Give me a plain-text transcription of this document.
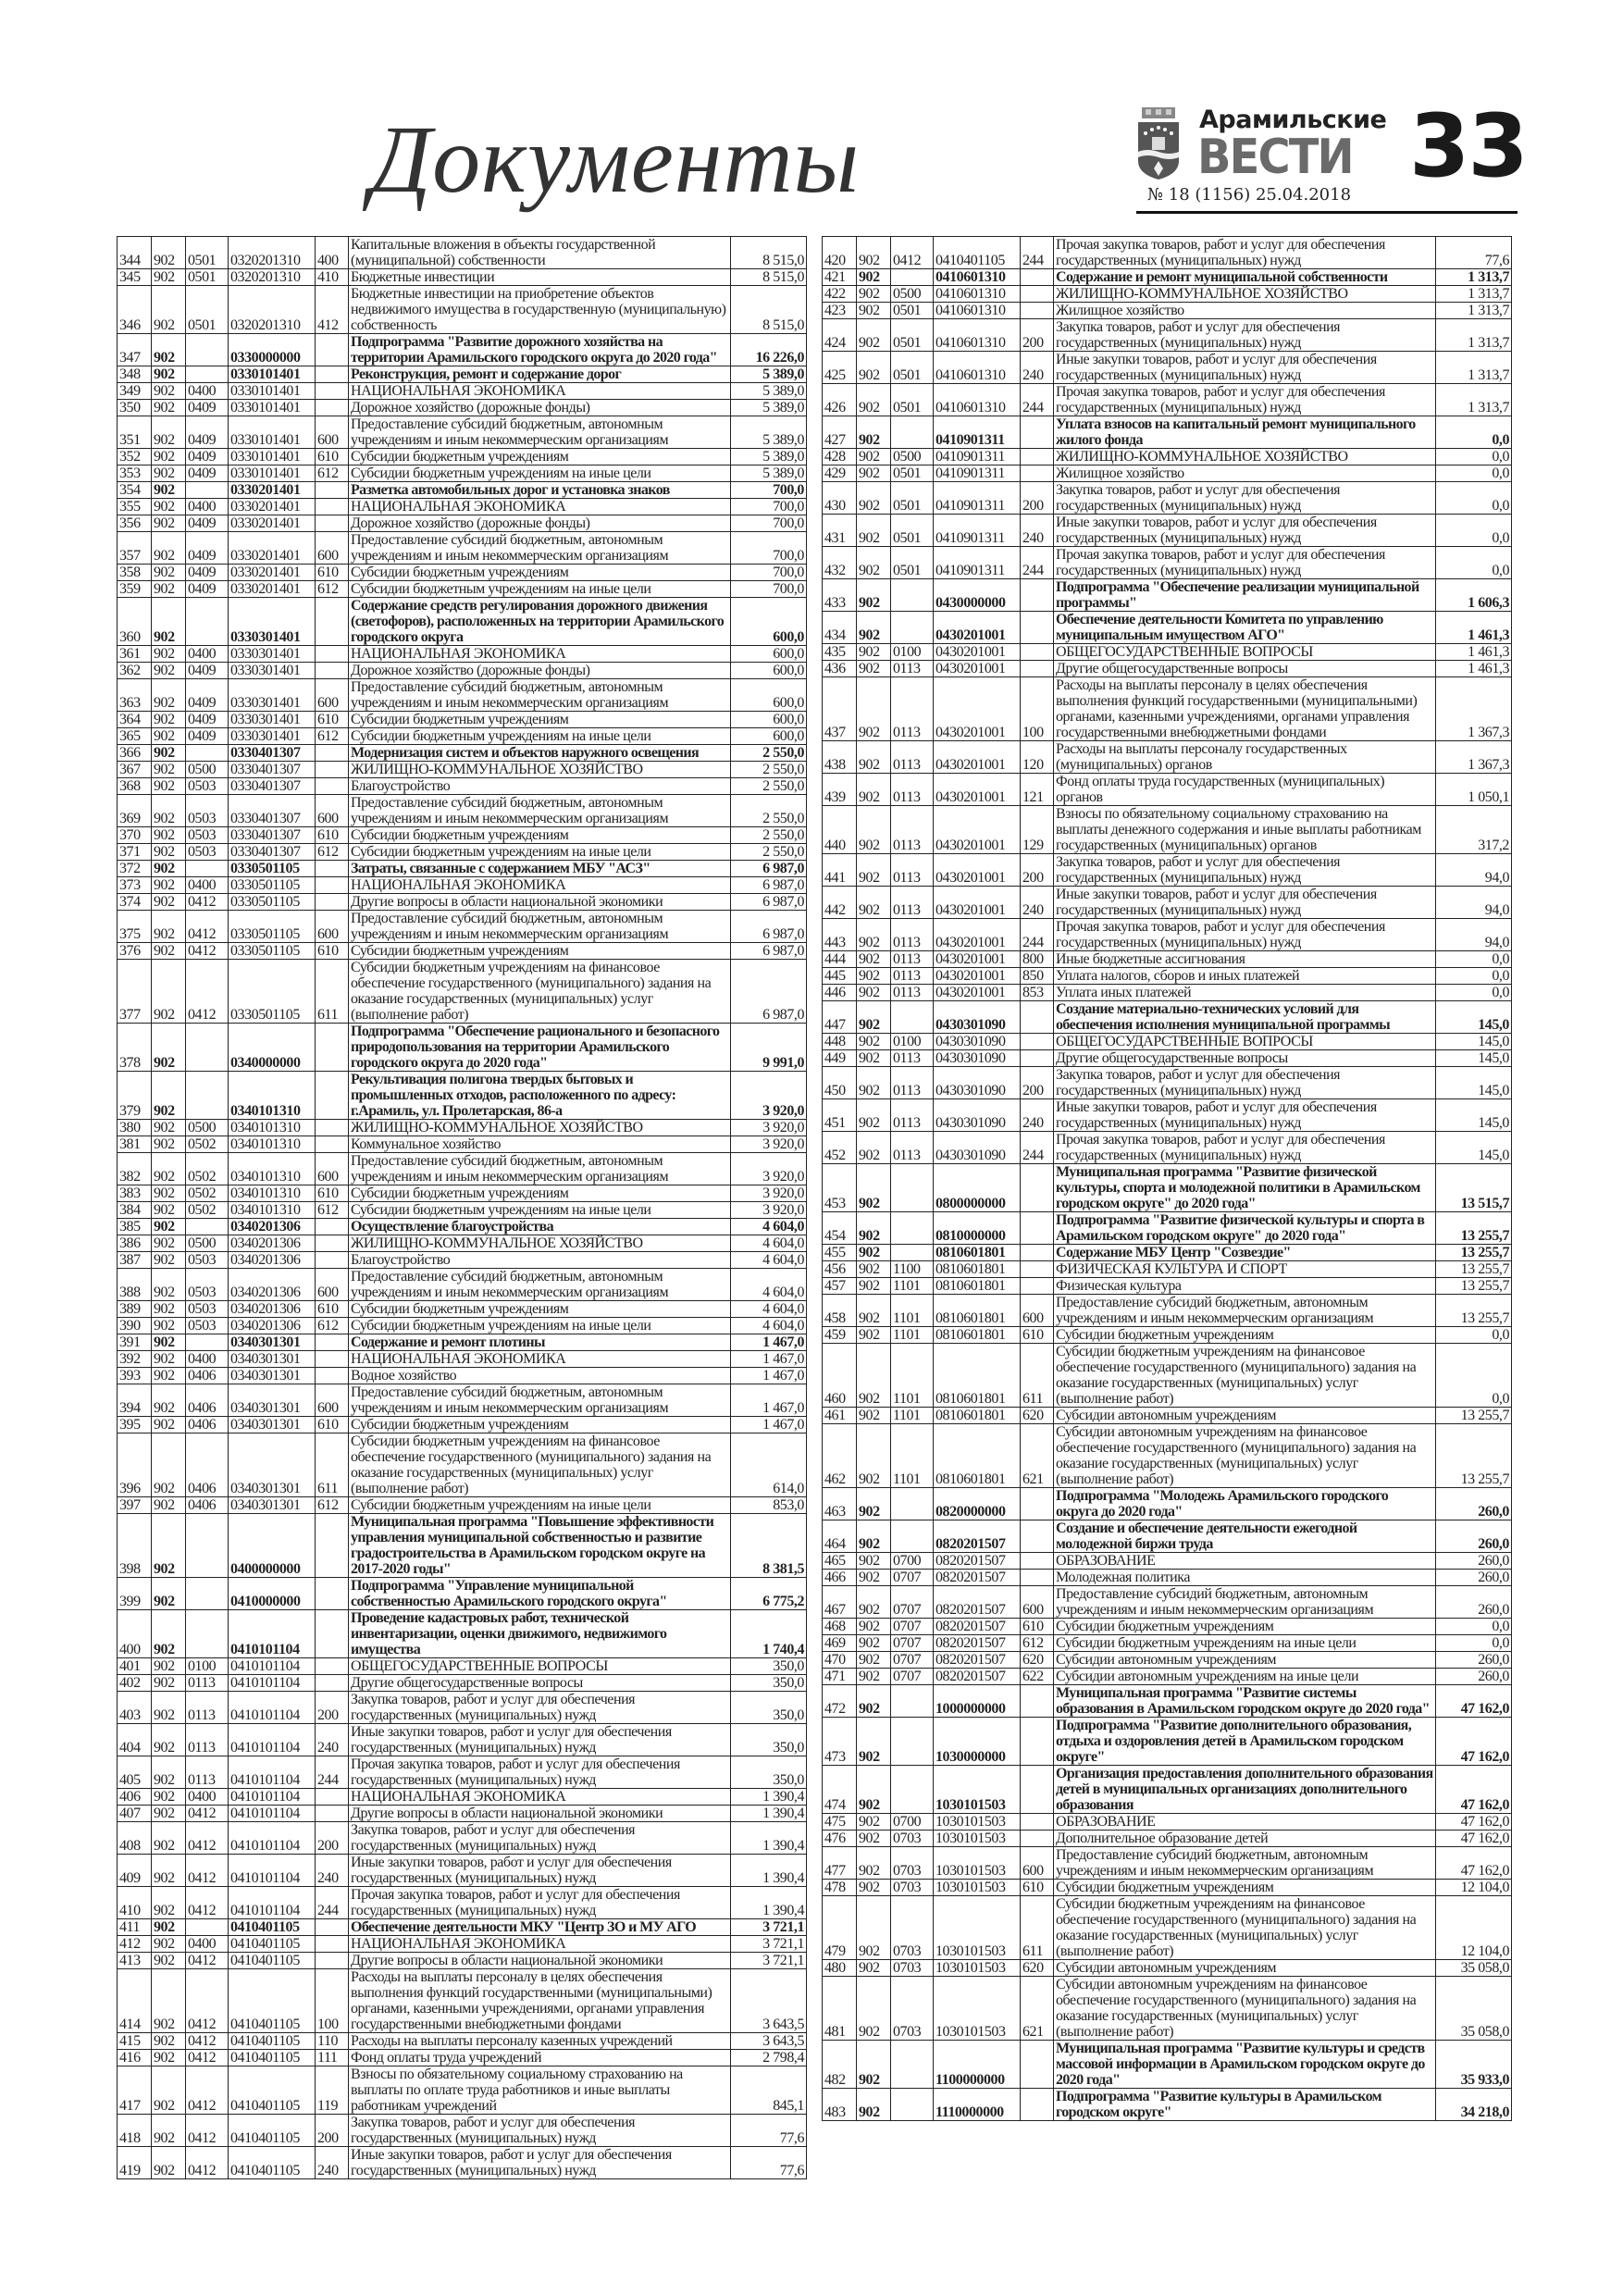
Документы	Арамильские
ВЕСТИ 33
№ 18 (1156) 25.04.2018
344	902	0501	0320201310	400	Капитальные вложения в объекты государственной (муниципальной) собственности	8 515,0
345	902	0501	0320201310	410	Бюджетные инвестиции	8 515,0
346	902	0501	0320201310	412	Бюджетные инвестиции на приобретение объектов недвижимого имущества в государственную (муниципальную) собственность	8 515,0
347	902		0330000000		Подпрограмма "Развитие дорожного хозяйства на территории Арамильского городского округа до 2020 года"	16 226,0
348	902		0330101401		Реконструкция, ремонт и содержание дорог	5 389,0
349	902	0400	0330101401		НАЦИОНАЛЬНАЯ ЭКОНОМИКА	5 389,0
350	902	0409	0330101401		Дорожное хозяйство (дорожные фонды)	5 389,0
351	902	0409	0330101401	600	Предоставление субсидий бюджетным, автономным учреждениям и иным некоммерческим организациям	5 389,0
352	902	0409	0330101401	610	Субсидии бюджетным учреждениям	5 389,0
353	902	0409	0330101401	612	Субсидии бюджетным учреждениям на иные цели	5 389,0
354	902		0330201401		Разметка автомобильных дорог и установка знаков	700,0
355	902	0400	0330201401		НАЦИОНАЛЬНАЯ ЭКОНОМИКА	700,0
356	902	0409	0330201401		Дорожное хозяйство (дорожные фонды)	700,0
357	902	0409	0330201401	600	Предоставление субсидий бюджетным, автономным учреждениям и иным некоммерческим организациям	700,0
358	902	0409	0330201401	610	Субсидии бюджетным учреждениям	700,0
359	902	0409	0330201401	612	Субсидии бюджетным учреждениям на иные цели	700,0
360	902		0330301401		Содержание средств регулирования дорожного движения (светофоров), расположенных на территории Арамильского городского округа	600,0
361	902	0400	0330301401		НАЦИОНАЛЬНАЯ ЭКОНОМИКА	600,0
362	902	0409	0330301401		Дорожное хозяйство (дорожные фонды)	600,0
363	902	0409	0330301401	600	Предоставление субсидий бюджетным, автономным учреждениям и иным некоммерческим организациям	600,0
364	902	0409	0330301401	610	Субсидии бюджетным учреждениям	600,0
365	902	0409	0330301401	612	Субсидии бюджетным учреждениям на иные цели	600,0
366	902		0330401307		Модернизация систем и объектов наружного освещения	2 550,0
367	902	0500	0330401307		ЖИЛИЩНО-КОММУНАЛЬНОЕ ХОЗЯЙСТВО	2 550,0
368	902	0503	0330401307		Благоустройство	2 550,0
369	902	0503	0330401307	600	Предоставление субсидий бюджетным, автономным учреждениям и иным некоммерческим организациям	2 550,0
370	902	0503	0330401307	610	Субсидии бюджетным учреждениям	2 550,0
371	902	0503	0330401307	612	Субсидии бюджетным учреждениям на иные цели	2 550,0
372	902		0330501105		Затраты, связанные с содержанием МБУ "АСЗ"	6 987,0
373	902	0400	0330501105		НАЦИОНАЛЬНАЯ ЭКОНОМИКА	6 987,0
374	902	0412	0330501105		Другие вопросы в области национальной экономики	6 987,0
375	902	0412	0330501105	600	Предоставление субсидий бюджетным, автономным учреждениям и иным некоммерческим организациям	6 987,0
376	902	0412	0330501105	610	Субсидии бюджетным учреждениям	6 987,0
377	902	0412	0330501105	611	Субсидии бюджетным учреждениям на финансовое обеспечение государственного (муниципального) задания на оказание государственных (муниципальных) услуг (выполнение работ)	6 987,0
378	902		0340000000		Подпрограмма "Обеспечение рационального и безопасного природопользования на территории Арамильского городского округа до 2020 года"	9 991,0
379	902		0340101310		Рекультивация полигона твердых бытовых и промышленных отходов, расположенного по адресу: г.Арамиль, ул. Пролетарская, 86-а	3 920,0
380	902	0500	0340101310		ЖИЛИЩНО-КОММУНАЛЬНОЕ ХОЗЯЙСТВО	3 920,0
381	902	0502	0340101310		Коммунальное хозяйство	3 920,0
382	902	0502	0340101310	600	Предоставление субсидий бюджетным, автономным учреждениям и иным некоммерческим организациям	3 920,0
383	902	0502	0340101310	610	Субсидии бюджетным учреждениям	3 920,0
384	902	0502	0340101310	612	Субсидии бюджетным учреждениям на иные цели	3 920,0
385	902		0340201306		Осуществление благоустройства	4 604,0
386	902	0500	0340201306		ЖИЛИЩНО-КОММУНАЛЬНОЕ ХОЗЯЙСТВО	4 604,0
387	902	0503	0340201306		Благоустройство	4 604,0
388	902	0503	0340201306	600	Предоставление субсидий бюджетным, автономным учреждениям и иным некоммерческим организациям	4 604,0
389	902	0503	0340201306	610	Субсидии бюджетным учреждениям	4 604,0
390	902	0503	0340201306	612	Субсидии бюджетным учреждениям на иные цели	4 604,0
391	902		0340301301		Содержание и ремонт плотины	1 467,0
392	902	0400	0340301301		НАЦИОНАЛЬНАЯ ЭКОНОМИКА	1 467,0
393	902	0406	0340301301		Водное хозяйство	1 467,0
394	902	0406	0340301301	600	Предоставление субсидий бюджетным, автономным учреждениям и иным некоммерческим организациям	1 467,0
395	902	0406	0340301301	610	Субсидии бюджетным учреждениям	1 467,0
396	902	0406	0340301301	611	Субсидии бюджетным учреждениям на финансовое обеспечение государственного (муниципального) задания на оказание государственных (муниципальных) услуг (выполнение работ)	614,0
397	902	0406	0340301301	612	Субсидии бюджетным учреждениям на иные цели	853,0
398	902		0400000000		Муниципальная программа "Повышение эффективности управления муниципальной собственностью и развитие градостроительства в Арамильском городском округе на 2017-2020 годы"	8 381,5
399	902		0410000000		Подпрограмма "Управление муниципальной собственностью Арамильского городского округа"	6 775,2
400	902		0410101104		Проведение кадастровых работ, технической инвентаризации, оценки движимого, недвижимого имущества	1 740,4
401	902	0100	0410101104		ОБЩЕГОСУДАРСТВЕННЫЕ ВОПРОСЫ	350,0
402	902	0113	0410101104		Другие общегосударственные вопросы	350,0
403	902	0113	0410101104	200	Закупка товаров, работ и услуг для обеспечения государственных (муниципальных) нужд	350,0
404	902	0113	0410101104	240	Иные закупки товаров, работ и услуг для обеспечения государственных (муниципальных) нужд	350,0
405	902	0113	0410101104	244	Прочая закупка товаров, работ и услуг для обеспечения государственных (муниципальных) нужд	350,0
406	902	0400	0410101104		НАЦИОНАЛЬНАЯ ЭКОНОМИКА	1 390,4
407	902	0412	0410101104		Другие вопросы в области национальной экономики	1 390,4
408	902	0412	0410101104	200	Закупка товаров, работ и услуг для обеспечения государственных (муниципальных) нужд	1 390,4
409	902	0412	0410101104	240	Иные закупки товаров, работ и услуг для обеспечения государственных (муниципальных) нужд	1 390,4
410	902	0412	0410101104	244	Прочая закупка товаров, работ и услуг для обеспечения государственных (муниципальных) нужд	1 390,4
411	902		0410401105		Обеспечение деятельности МКУ "Центр ЗО и МУ АГО	3 721,1
412	902	0400	0410401105		НАЦИОНАЛЬНАЯ ЭКОНОМИКА	3 721,1
413	902	0412	0410401105		Другие вопросы в области национальной экономики	3 721,1
414	902	0412	0410401105	100	Расходы на выплаты персоналу в целях обеспечения выполнения функций государственными (муниципальными) органами, казенными учреждениями, органами управления государственными внебюджетными фондами	3 643,5
415	902	0412	0410401105	110	Расходы на выплаты персоналу казенных учреждений	3 643,5
416	902	0412	0410401105	111	Фонд оплаты труда учреждений	2 798,4
417	902	0412	0410401105	119	Взносы по обязательному социальному страхованию на выплаты по оплате труда работников и иные выплаты работникам учреждений	845,1
418	902	0412	0410401105	200	Закупка товаров, работ и услуг для обеспечения государственных (муниципальных) нужд	77,6
419	902	0412	0410401105	240	Иные закупки товаров, работ и услуг для обеспечения государственных (муниципальных) нужд	77,6
420	902	0412	0410401105	244	Прочая закупка товаров, работ и услуг для обеспечения государственных (муниципальных) нужд	77,6
421	902		0410601310		Содержание и ремонт муниципальной собственности	1 313,7
422	902	0500	0410601310		ЖИЛИЩНО-КОММУНАЛЬНОЕ ХОЗЯЙСТВО	1 313,7
423	902	0501	0410601310		Жилищное хозяйство	1 313,7
424	902	0501	0410601310	200	Закупка товаров, работ и услуг для обеспечения государственных (муниципальных) нужд	1 313,7
425	902	0501	0410601310	240	Иные закупки товаров, работ и услуг для обеспечения государственных (муниципальных) нужд	1 313,7
426	902	0501	0410601310	244	Прочая закупка товаров, работ и услуг для обеспечения государственных (муниципальных) нужд	1 313,7
427	902		0410901311		Уплата взносов на капитальный ремонт муниципального жилого фонда	0,0
428	902	0500	0410901311		ЖИЛИЩНО-КОММУНАЛЬНОЕ ХОЗЯЙСТВО	0,0
429	902	0501	0410901311		Жилищное хозяйство	0,0
430	902	0501	0410901311	200	Закупка товаров, работ и услуг для обеспечения государственных (муниципальных) нужд	0,0
431	902	0501	0410901311	240	Иные закупки товаров, работ и услуг для обеспечения государственных (муниципальных) нужд	0,0
432	902	0501	0410901311	244	Прочая закупка товаров, работ и услуг для обеспечения государственных (муниципальных) нужд	0,0
433	902		0430000000		Подпрограмма "Обеспечение реализации муниципальной программы"	1 606,3
434	902		0430201001		Обеспечение деятельности Комитета по управлению муниципальным имуществом АГО"	1 461,3
435	902	0100	0430201001		ОБЩЕГОСУДАРСТВЕННЫЕ ВОПРОСЫ	1 461,3
436	902	0113	0430201001		Другие общегосударственные вопросы	1 461,3
437	902	0113	0430201001	100	Расходы на выплаты персоналу в целях обеспечения выполнения функций государственными (муниципальными) органами, казенными учреждениями, органами управления государственными внебюджетными фондами	1 367,3
438	902	0113	0430201001	120	Расходы на выплаты персоналу государственных (муниципальных) органов	1 367,3
439	902	0113	0430201001	121	Фонд оплаты труда государственных (муниципальных) органов	1 050,1
440	902	0113	0430201001	129	Взносы по обязательному социальному страхованию на выплаты денежного содержания и иные выплаты работникам государственных (муниципальных) органов	317,2
441	902	0113	0430201001	200	Закупка товаров, работ и услуг для обеспечения государственных (муниципальных) нужд	94,0
442	902	0113	0430201001	240	Иные закупки товаров, работ и услуг для обеспечения государственных (муниципальных) нужд	94,0
443	902	0113	0430201001	244	Прочая закупка товаров, работ и услуг для обеспечения государственных (муниципальных) нужд	94,0
444	902	0113	0430201001	800	Иные бюджетные ассигнования	0,0
445	902	0113	0430201001	850	Уплата налогов, сборов и иных платежей	0,0
446	902	0113	0430201001	853	Уплата иных платежей	0,0
447	902		0430301090		Создание материально-технических условий для обеспечения исполнения муниципальной программы	145,0
448	902	0100	0430301090		ОБЩЕГОСУДАРСТВЕННЫЕ ВОПРОСЫ	145,0
449	902	0113	0430301090		Другие общегосударственные вопросы	145,0
450	902	0113	0430301090	200	Закупка товаров, работ и услуг для обеспечения государственных (муниципальных) нужд	145,0
451	902	0113	0430301090	240	Иные закупки товаров, работ и услуг для обеспечения государственных (муниципальных) нужд	145,0
452	902	0113	0430301090	244	Прочая закупка товаров, работ и услуг для обеспечения государственных (муниципальных) нужд	145,0
453	902		0800000000		Муниципальная программа "Развитие физической культуры, спорта и молодежной политики в Арамильском городском округе" до 2020 года"	13 515,7
454	902		0810000000		Подпрограмма "Развитие физической культуры и спорта в Арамильском городском округе" до 2020 года"	13 255,7
455	902		0810601801		Содержание МБУ Центр "Созвездие"	13 255,7
456	902	1100	0810601801		ФИЗИЧЕСКАЯ КУЛЬТУРА И СПОРТ	13 255,7
457	902	1101	0810601801		Физическая культура	13 255,7
458	902	1101	0810601801	600	Предоставление субсидий бюджетным, автономным учреждениям и иным некоммерческим организациям	13 255,7
459	902	1101	0810601801	610	Субсидии бюджетным учреждениям	0,0
460	902	1101	0810601801	611	Субсидии бюджетным учреждениям на финансовое обеспечение государственного (муниципального) задания на оказание государственных (муниципальных) услуг (выполнение работ)	0,0
461	902	1101	0810601801	620	Субсидии автономным учреждениям	13 255,7
462	902	1101	0810601801	621	Субсидии автономным учреждениям на финансовое обеспечение государственного (муниципального) задания на оказание государственных (муниципальных) услуг (выполнение работ)	13 255,7
463	902		0820000000		Подпрограмма "Молодежь Арамильского городского округа до 2020 года"	260,0
464	902		0820201507		Создание и обеспечение деятельности ежегодной молодежной биржи труда	260,0
465	902	0700	0820201507		ОБРАЗОВАНИЕ	260,0
466	902	0707	0820201507		Молодежная политика	260,0
467	902	0707	0820201507	600	Предоставление субсидий бюджетным, автономным учреждениям и иным некоммерческим организациям	260,0
468	902	0707	0820201507	610	Субсидии бюджетным учреждениям	0,0
469	902	0707	0820201507	612	Субсидии бюджетным учреждениям на иные цели	0,0
470	902	0707	0820201507	620	Субсидии автономным учреждениям	260,0
471	902	0707	0820201507	622	Субсидии автономным учреждениям на иные цели	260,0
472	902		1000000000		Муниципальная программа "Развитие системы образования в Арамильском городском округе до 2020 года"	47 162,0
473	902		1030000000		Подпрограмма "Развитие дополнительного образования, отдыха и оздоровления детей в Арамильском городском округе"	47 162,0
474	902		1030101503		Организация предоставления дополнительного образования детей в муниципальных организациях дополнительного образования	47 162,0
475	902	0700	1030101503		ОБРАЗОВАНИЕ	47 162,0
476	902	0703	1030101503		Дополнительное образование детей	47 162,0
477	902	0703	1030101503	600	Предоставление субсидий бюджетным, автономным учреждениям и иным некоммерческим организациям	47 162,0
478	902	0703	1030101503	610	Субсидии бюджетным учреждениям	12 104,0
479	902	0703	1030101503	611	Субсидии бюджетным учреждениям на финансовое обеспечение государственного (муниципального) задания на оказание государственных (муниципальных) услуг (выполнение работ)	12 104,0
480	902	0703	1030101503	620	Субсидии автономным учреждениям	35 058,0
481	902	0703	1030101503	621	Субсидии автономным учреждениям на финансовое обеспечение государственного (муниципального) задания на оказание государственных (муниципальных) услуг (выполнение работ)	35 058,0
482	902		1100000000		Муниципальная программа "Развитие культуры и средств массовой информации в Арамильском городском округе до 2020 года"	35 933,0
483	902		1110000000		Подпрограмма "Развитие культуры в Арамильском городском округе"	34 218,0
